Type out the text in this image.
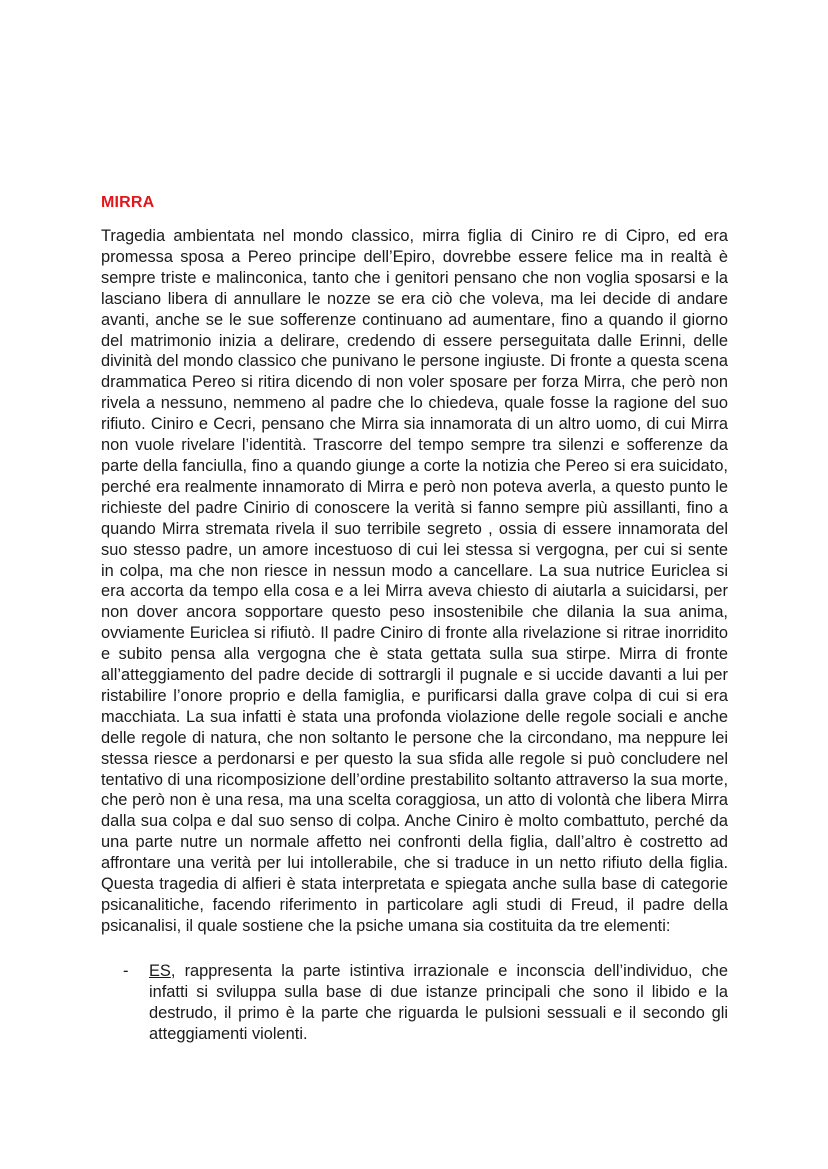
MIRRA

Tragedia ambientata nel mondo classico, mirra figlia di Ciniro re di Cipro, ed era promessa sposa a Pereo principe dell’Epiro, dovrebbe essere felice ma in realtà è sempre triste e malinconica, tanto che i genitori pensano che non voglia sposarsi e la lasciano libera di annullare le nozze se era ciò che voleva, ma lei decide di andare avanti, anche se le sue sofferenze continuano ad aumentare, fino a quando il giorno del matrimonio inizia a delirare, credendo di essere perseguitata dalle Erinni, delle divinità del mondo classico che punivano le persone ingiuste. Di fronte a questa scena drammatica Pereo si ritira dicendo di non voler sposare per forza Mirra, che però non rivela a nessuno, nemmeno al padre che lo chiedeva, quale fosse la ragione del suo rifiuto. Ciniro e Cecri, pensano che Mirra sia innamorata di un altro uomo, di cui Mirra non vuole rivelare l’identità. Trascorre del tempo sempre tra silenzi e sofferenze da parte della fanciulla, fino a quando giunge a corte la notizia che Pereo si era suicidato, perché era realmente innamorato di Mirra e però non poteva averla, a questo punto le richieste del padre Cinirio di conoscere la verità si fanno sempre più assillanti, fino a quando Mirra stremata rivela il suo terribile segreto , ossia di essere innamorata del suo stesso padre, un amore incestuoso di cui lei stessa si vergogna, per cui si sente in colpa, ma che non riesce in nessun modo a cancellare. La sua nutrice Euriclea si era accorta da tempo ella cosa e a lei Mirra aveva chiesto di aiutarla a suicidarsi, per non dover ancora sopportare questo peso insostenibile che dilania la sua anima, ovviamente Euriclea si rifiutò. Il padre Ciniro di fronte alla rivelazione si ritrae inorridito e subito pensa alla vergogna che è stata gettata sulla sua stirpe. Mirra di fronte all’atteggiamento del padre decide di sottrargli il pugnale e si uccide davanti a lui per ristabilire l’onore proprio e della famiglia, e purificarsi dalla grave colpa di cui si era macchiata. La sua infatti è stata una profonda violazione delle regole sociali e anche delle regole di natura, che non soltanto le persone che la circondano, ma neppure lei stessa riesce a perdonarsi e per questo la sua sfida alle regole si può concludere nel tentativo di una ricomposizione dell’ordine prestabilito soltanto attraverso la sua morte, che però non è una resa, ma una scelta coraggiosa, un atto di volontà che libera Mirra dalla sua colpa e dal suo senso di colpa. Anche Ciniro è molto combattuto, perché da una parte nutre un normale affetto nei confronti della figlia, dall’altro è costretto ad affrontare una verità per lui intollerabile, che si traduce in un netto rifiuto della figlia. Questa tragedia di alfieri è stata interpretata e spiegata anche sulla base di categorie psicanalitiche, facendo riferimento in particolare agli studi di Freud, il padre della psicanalisi, il quale sostiene che la psiche umana sia costituita da tre elementi:

- ES, rappresenta la parte istintiva irrazionale e inconscia dell’individuo, che infatti si sviluppa sulla base di due istanze principali che sono il libido e la destrudo, il primo è la parte che riguarda le pulsioni sessuali e il secondo gli atteggiamenti violenti.
